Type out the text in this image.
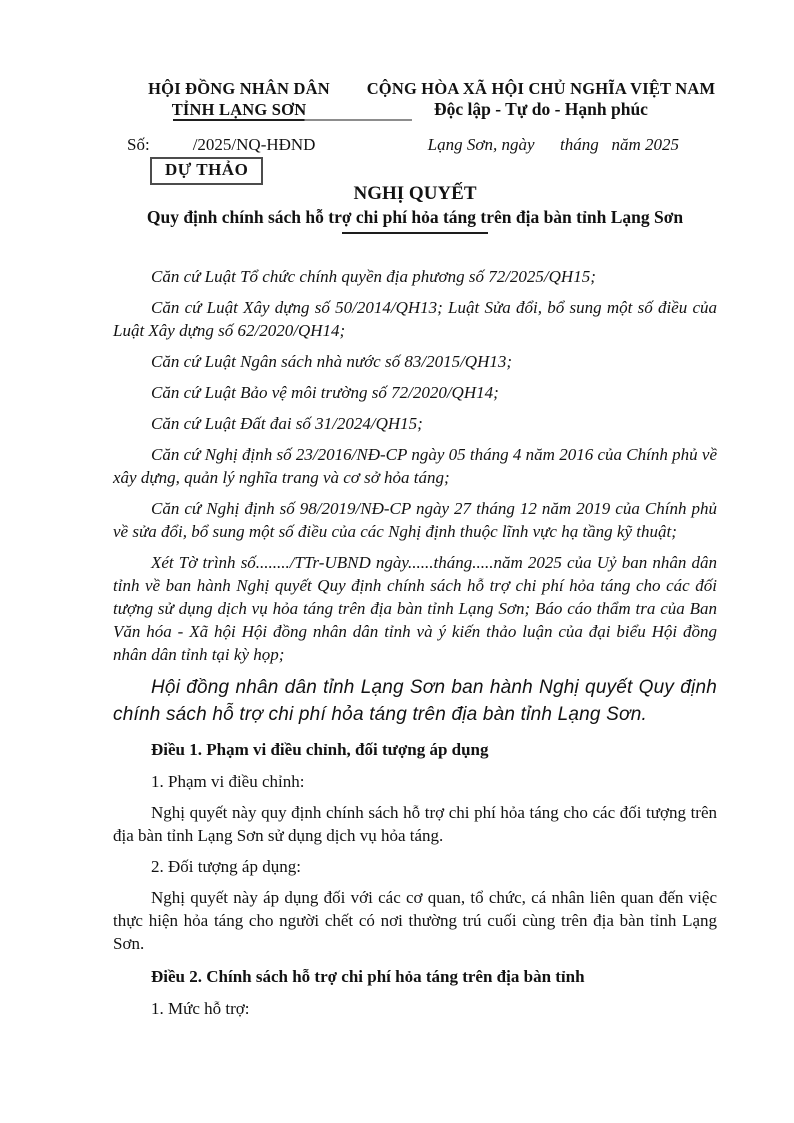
DỰ THẢO
HỘI ĐỒNG NHÂN DÂN
TỈNH LẠNG SƠN
CỘNG HÒA XÃ HỘI CHỦ NGHĨA VIỆT NAM
Độc lập - Tự do - Hạnh phúc
Số:	/2025/NQ-HĐND	Lạng Sơn, ngày      tháng   năm 2025
NGHỊ QUYẾT
Quy định chính sách hỗ trợ chi phí hỏa táng trên địa bàn tỉnh Lạng Sơn

Căn cứ Luật Tổ chức chính quyền địa phương số 72/2025/QH15;

Căn cứ Luật Xây dựng số 50/2014/QH13; Luật Sửa đổi, bổ sung một số điều của Luật Xây dựng số 62/2020/QH14;

Căn cứ Luật Ngân sách nhà nước số 83/2015/QH13;

Căn cứ Luật Bảo vệ môi trường số 72/2020/QH14;

Căn cứ Luật Đất đai số 31/2024/QH15;

Căn cứ Nghị định số 23/2016/NĐ-CP ngày 05 tháng 4 năm 2016 của Chính phủ về xây dựng, quản lý nghĩa trang và cơ sở hỏa táng;

Căn cứ Nghị định số 98/2019/NĐ-CP ngày 27 tháng 12 năm 2019 của Chính phủ về sửa đổi, bổ sung một số điều của các Nghị định thuộc lĩnh vực hạ tầng kỹ thuật;

Xét Tờ trình số......../TTr-UBND ngày......tháng.....năm 2025 của Uỷ ban nhân dân tỉnh về ban hành Nghị quyết Quy định chính sách hỗ trợ chi phí hỏa táng cho các đối tượng sử dụng dịch vụ hỏa táng trên địa bàn tỉnh Lạng Sơn; Báo cáo thẩm tra của Ban Văn hóa - Xã hội Hội đồng nhân dân tỉnh và ý kiến thảo luận của đại biểu Hội đồng nhân dân tỉnh tại kỳ họp;

Hội đồng nhân dân tỉnh Lạng Sơn ban hành Nghị quyết Quy định chính sách hỗ trợ chi phí hỏa táng trên địa bàn tỉnh Lạng Sơn.

Điều 1. Phạm vi điều chỉnh, đối tượng áp dụng

1. Phạm vi điều chỉnh:

Nghị quyết này quy định chính sách hỗ trợ chi phí hỏa táng cho các đối tượng trên địa bàn tỉnh Lạng Sơn sử dụng dịch vụ hỏa táng.

2. Đối tượng áp dụng:

Nghị quyết này áp dụng đối với các cơ quan, tổ chức, cá nhân liên quan đến việc thực hiện hỏa táng cho người chết có nơi thường trú cuối cùng trên địa bàn tỉnh Lạng Sơn.

Điều 2. Chính sách hỗ trợ chi phí hỏa táng trên địa bàn tỉnh

1. Mức hỗ trợ:
